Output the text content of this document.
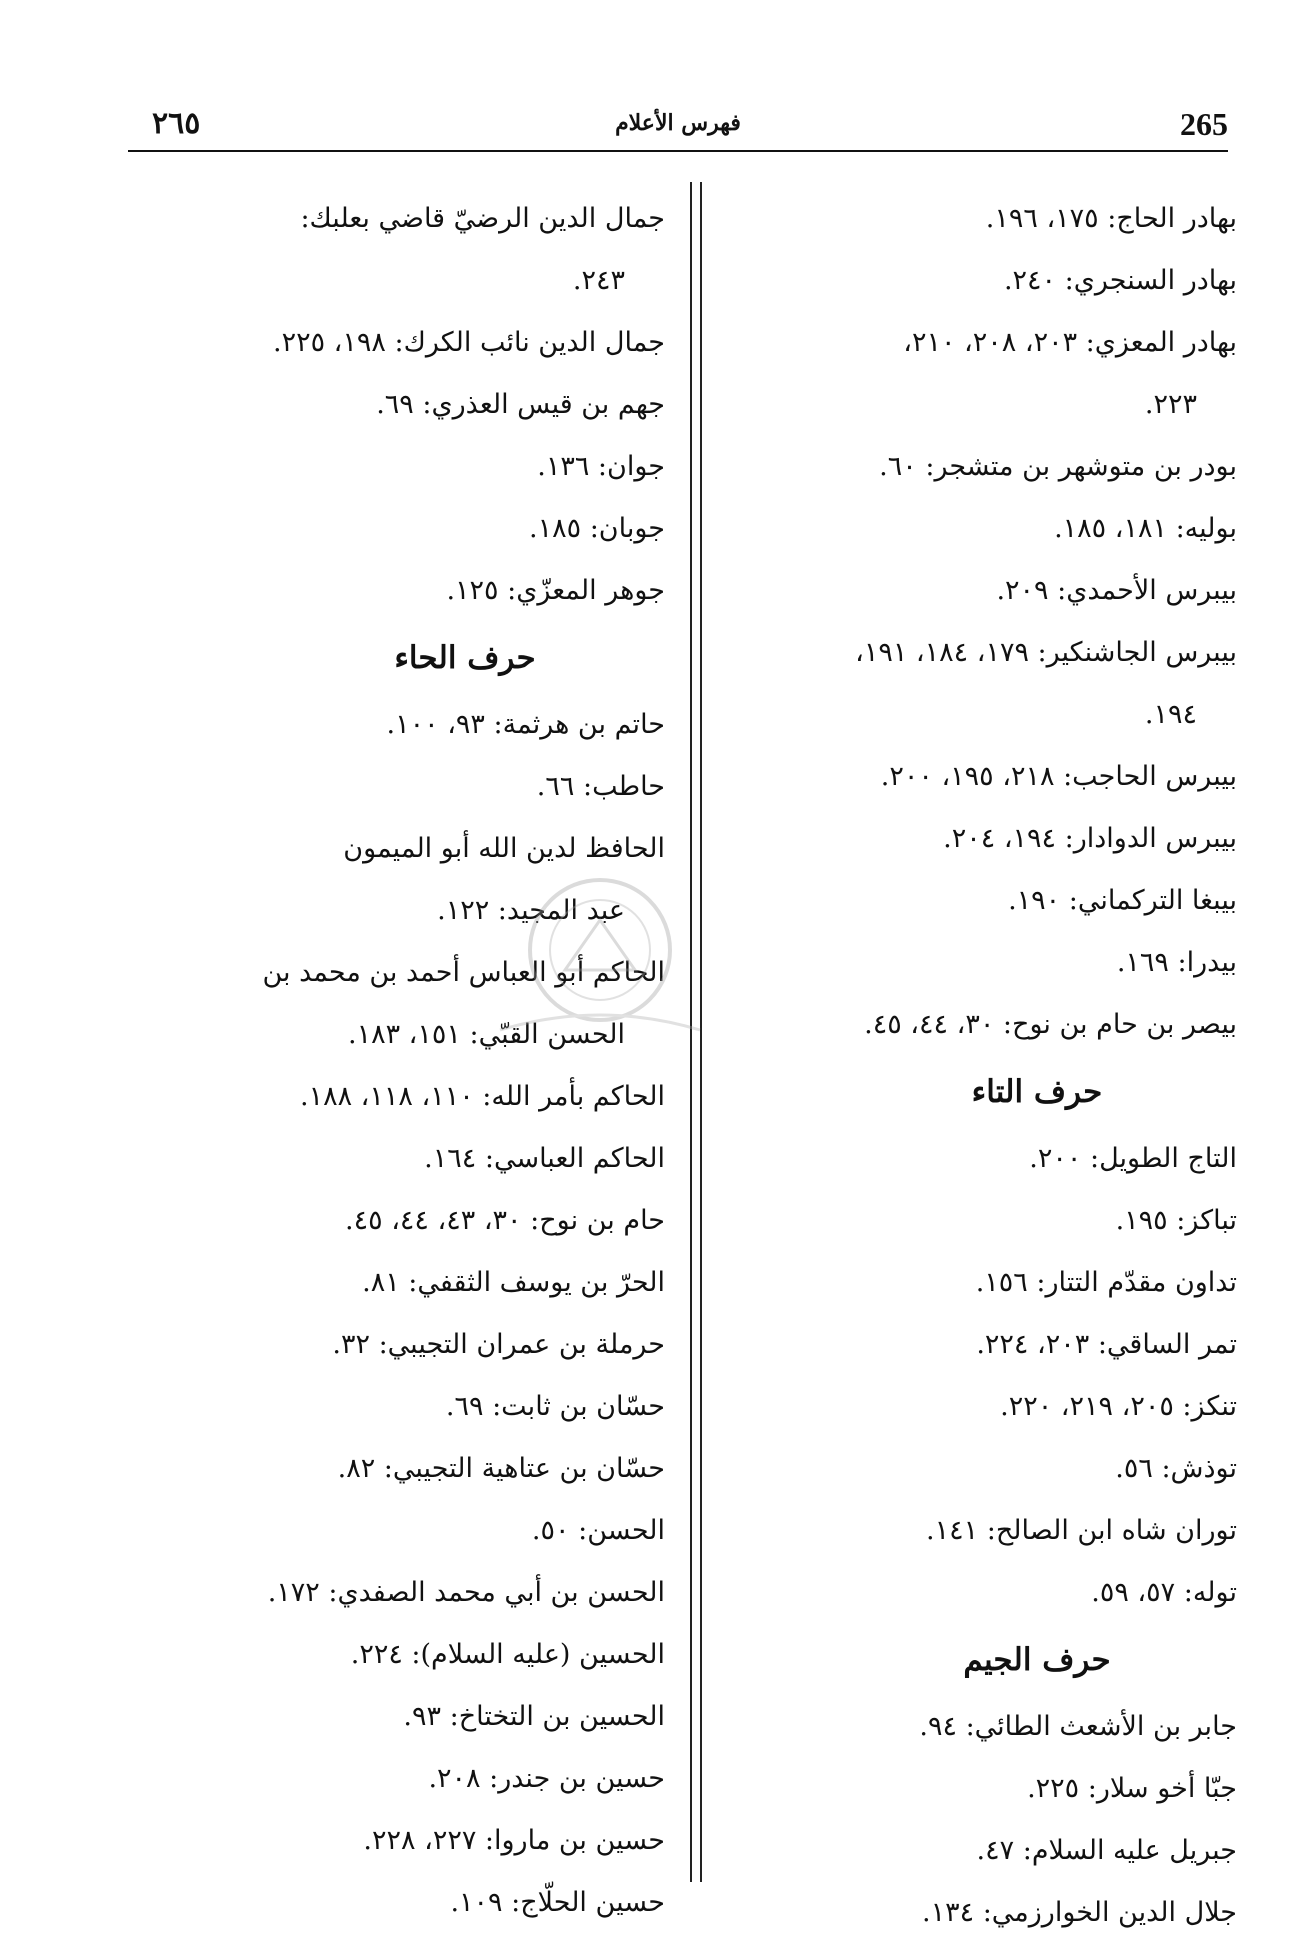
265
فهرس الأعلام
٢٦٥
بهادر الحاج: ١٧٥، ١٩٦.
بهادر السنجري: ٢٤٠.
بهادر المعزي: ٢٠٣، ٢٠٨، ٢١٠،
٢٢٣.
بودر بن متوشهر بن متشجر: ٦٠.
بوليه: ١٨١، ١٨٥.
بيبرس الأحمدي: ٢٠٩.
بيبرس الجاشنكير: ١٧٩، ١٨٤، ١٩١،
١٩٤.
بيبرس الحاجب: ٢١٨، ١٩٥، ٢٠٠.
بيبرس الدوادار: ١٩٤، ٢٠٤.
بيبغا التركماني: ١٩٠.
بيدرا: ١٦٩.
بيصر بن حام بن نوح: ٣٠، ٤٤، ٤٥.
حرف التاء
التاج الطويل: ٢٠٠.
تباكز: ١٩٥.
تداون مقدّم التتار: ١٥٦.
تمر الساقي: ٢٠٣، ٢٢٤.
تنكز: ٢٠٥، ٢١٩، ٢٢٠.
توذش: ٥٦.
توران شاه ابن الصالح: ١٤١.
توله: ٥٧، ٥٩.
حرف الجيم
جابر بن الأشعث الطائي: ٩٤.
جبّا أخو سلار: ٢٢٥.
جبريل عليه السلام: ٤٧.
جلال الدين الخوارزمي: ١٣٤.
جمال الدين الرضيّ قاضي بعلبك:
٢٤٣.
جمال الدين نائب الكرك: ١٩٨، ٢٢٥.
جهم بن قيس العذري: ٦٩.
جوان: ١٣٦.
جوبان: ١٨٥.
جوهر المعزّي: ١٢٥.
حرف الحاء
حاتم بن هرثمة: ٩٣، ١٠٠.
حاطب: ٦٦.
الحافظ لدين الله أبو الميمون
عبد المجيد: ١٢٢.
الحاكم أبو العباس أحمد بن محمد بن
الحسن القبّي: ١٥١، ١٨٣.
الحاكم بأمر الله: ١١٠، ١١٨، ١٨٨.
الحاكم العباسي: ١٦٤.
حام بن نوح: ٣٠، ٤٣، ٤٤، ٤٥.
الحرّ بن يوسف الثقفي: ٨١.
حرملة بن عمران التجيبي: ٣٢.
حسّان بن ثابت: ٦٩.
حسّان بن عتاهية التجيبي: ٨٢.
الحسن: ٥٠.
الحسن بن أبي محمد الصفدي: ١٧٢.
الحسين (عليه السلام): ٢٢٤.
الحسين بن التختاخ: ٩٣.
حسين بن جندر: ٢٠٨.
حسين بن ماروا: ٢٢٧، ٢٢٨.
حسين الحلّاج: ١٠٩.
